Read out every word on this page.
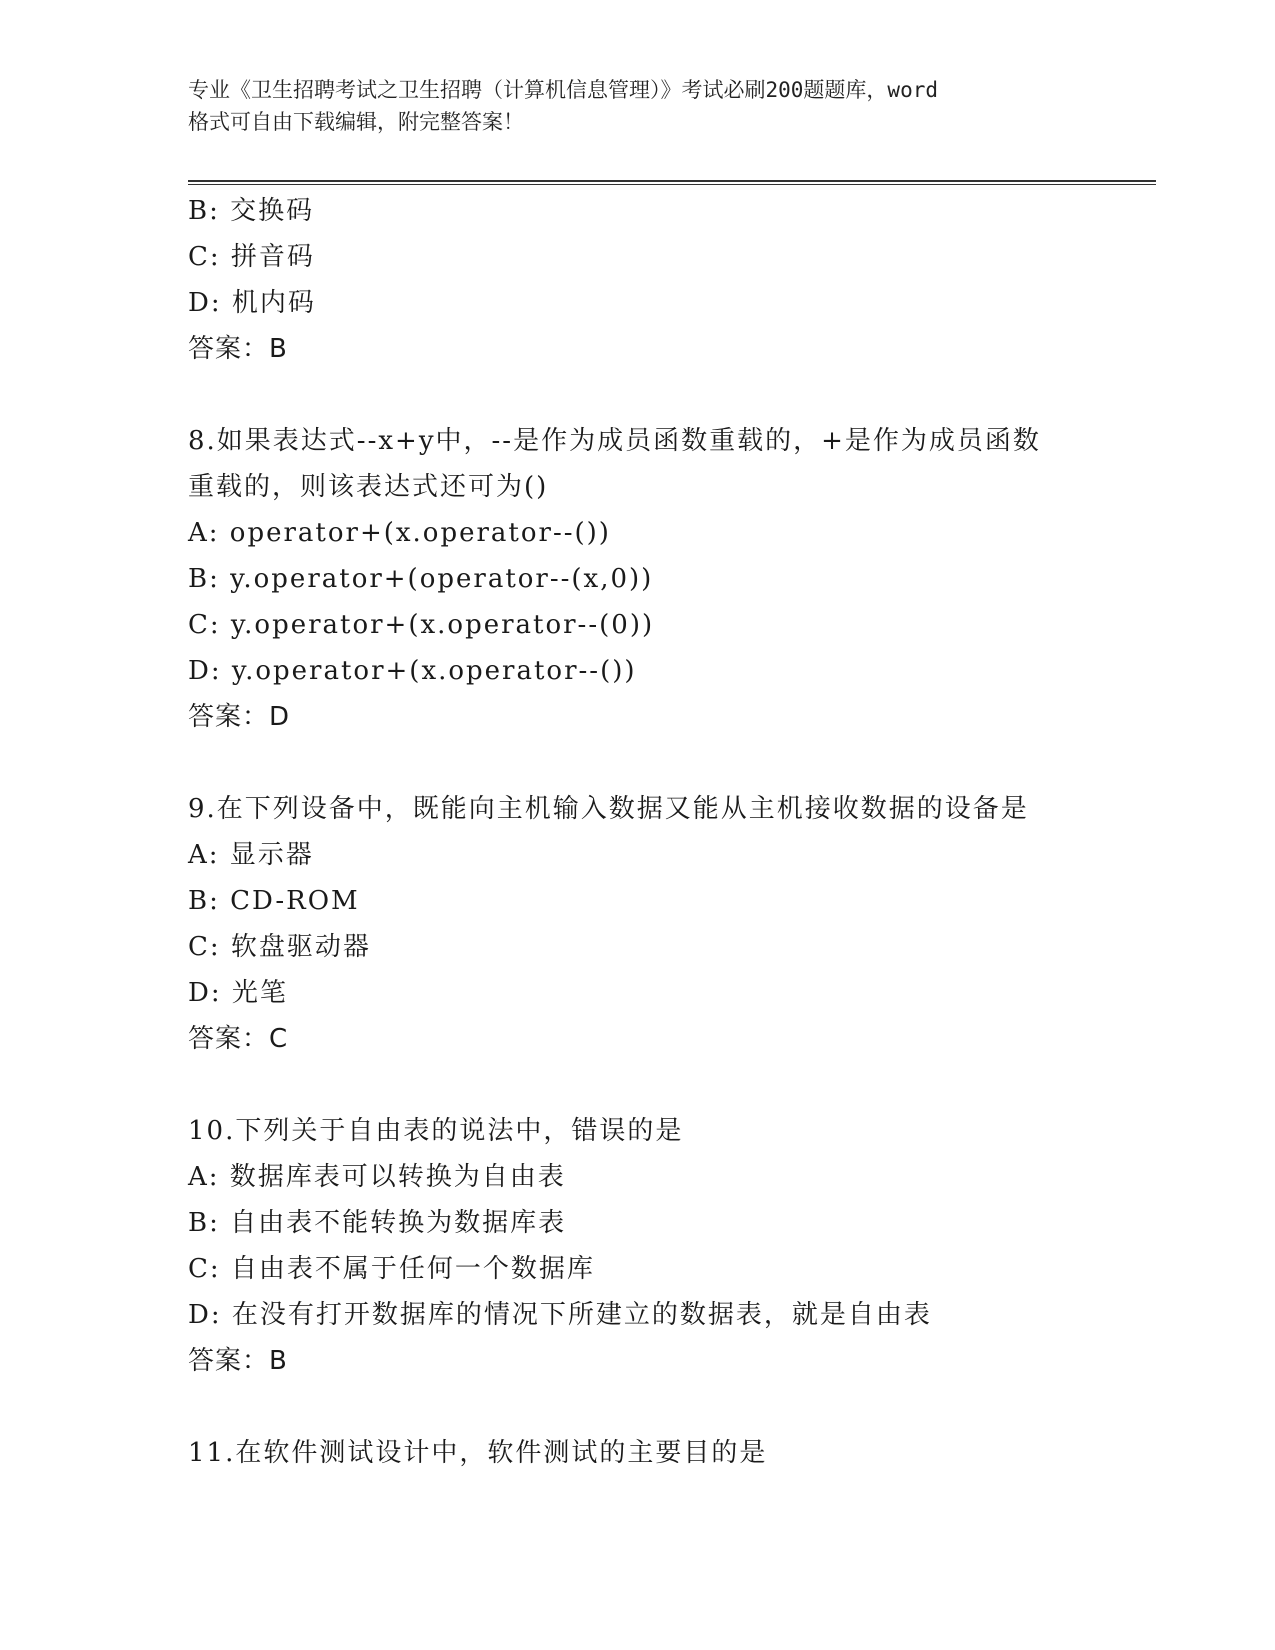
专业《卫生招聘考试之卫生招聘（计算机信息管理）》考试必刷200题题库，word
格式可自由下载编辑，附完整答案！
B: 交换码
C: 拼音码
D: 机内码
答案：B
8.如果表达式--x+y中，--是作为成员函数重载的，+是作为成员函数
重载的，则该表达式还可为()
A: operator+(x.operator--())
B: y.operator+(operator--(x,0))
C: y.operator+(x.operator--(0))
D: y.operator+(x.operator--())
答案：D
9.在下列设备中，既能向主机输入数据又能从主机接收数据的设备是
A: 显示器
B: CD-ROM
C: 软盘驱动器
D: 光笔
答案：C
10.下列关于自由表的说法中，错误的是
A: 数据库表可以转换为自由表
B: 自由表不能转换为数据库表
C: 自由表不属于任何一个数据库
D: 在没有打开数据库的情况下所建立的数据表，就是自由表
答案：B
11.在软件测试设计中，软件测试的主要目的是
